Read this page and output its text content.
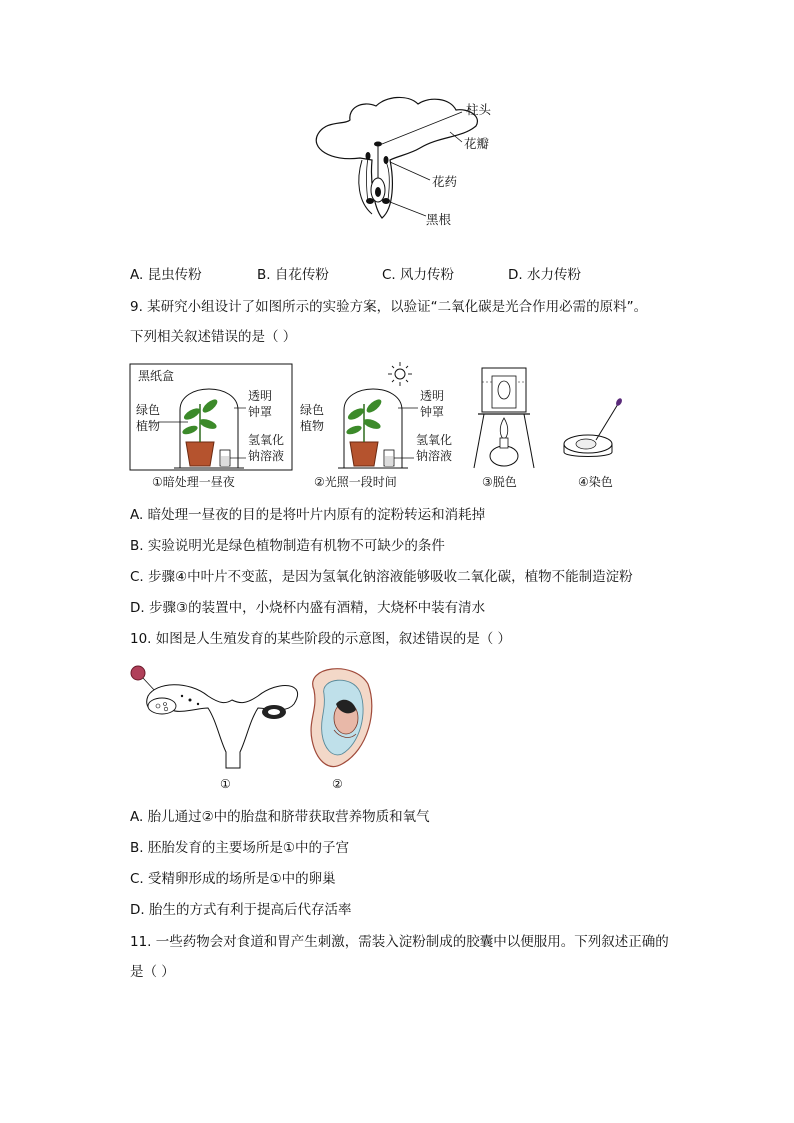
柱头
花瓣
花药
黑根
A. 昆虫传粉	B. 自花传粉	C. 风力传粉	D. 水力传粉
9. 某研究小组设计了如图所示的实验方案，以验证“二氧化碳是光合作用必需的原料”。
下列相关叙述错误的是（ ）
黑纸盒
绿色
植物
透明
钟罩
氢氧化
钠溶液
①暗处理一昼夜
绿色
植物
透明
钟罩
氢氧化
钠溶液
②光照一段时间	③脱色	④染色
A. 暗处理一昼夜的目的是将叶片内原有的淀粉转运和消耗掉
B. 实验说明光是绿色植物制造有机物不可缺少的条件
C. 步骤④中叶片不变蓝，是因为氢氧化钠溶液能够吸收二氧化碳，植物不能制造淀粉
D. 步骤③的装置中，小烧杯内盛有酒精，大烧杯中装有清水
10. 如图是人生殖发育的某些阶段的示意图，叙述错误的是（ ）
①	②
A. 胎儿通过②中的胎盘和脐带获取营养物质和氧气
B. 胚胎发育的主要场所是①中的子宫
C. 受精卵形成的场所是①中的卵巢
D. 胎生的方式有利于提高后代存活率
11. 一些药物会对食道和胃产生刺激，需装入淀粉制成的胶囊中以便服用。下列叙述正确的
是（ ）
